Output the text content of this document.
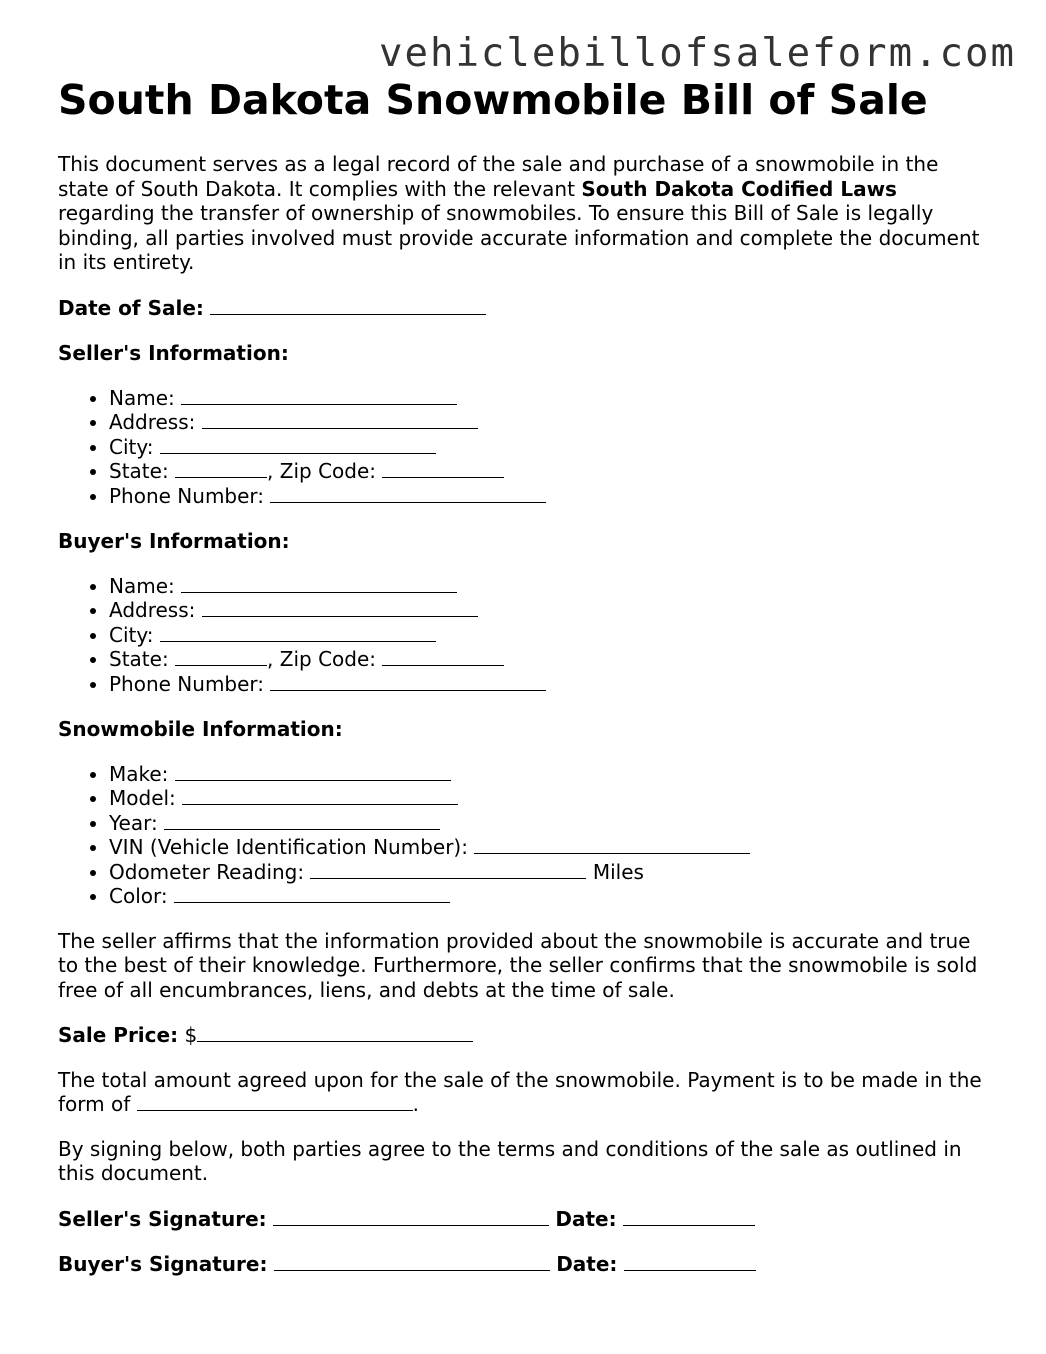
vehiclebillofsaleform.com
South Dakota Snowmobile Bill of Sale

This document serves as a legal record of the sale and purchase of a snowmobile in the state of South Dakota. It complies with the relevant South Dakota Codified Laws regarding the transfer of ownership of snowmobiles. To ensure this Bill of Sale is legally binding, all parties involved must provide accurate information and complete the document in its entirety.

Date of Sale:
Seller's Information:
• Name:
• Address:
• City:
• State:	, Zip Code:
• Phone Number:
Buyer's Information:
• Name:
• Address:
• City:
• State:	, Zip Code:
• Phone Number:
Snowmobile Information:
• Make:
• Model:
• Year:
• VIN (Vehicle Identification Number):
• Odometer Reading:	Miles
• Color:

The seller affirms that the information provided about the snowmobile is accurate and true to the best of their knowledge. Furthermore, the seller confirms that the snowmobile is sold free of all encumbrances, liens, and debts at the time of sale.

Sale Price: $

The total amount agreed upon for the sale of the snowmobile. Payment is to be made in the form of	.

By signing below, both parties agree to the terms and conditions of the sale as outlined in this document.

Seller's Signature:	Date:
Buyer's Signature:	Date:
